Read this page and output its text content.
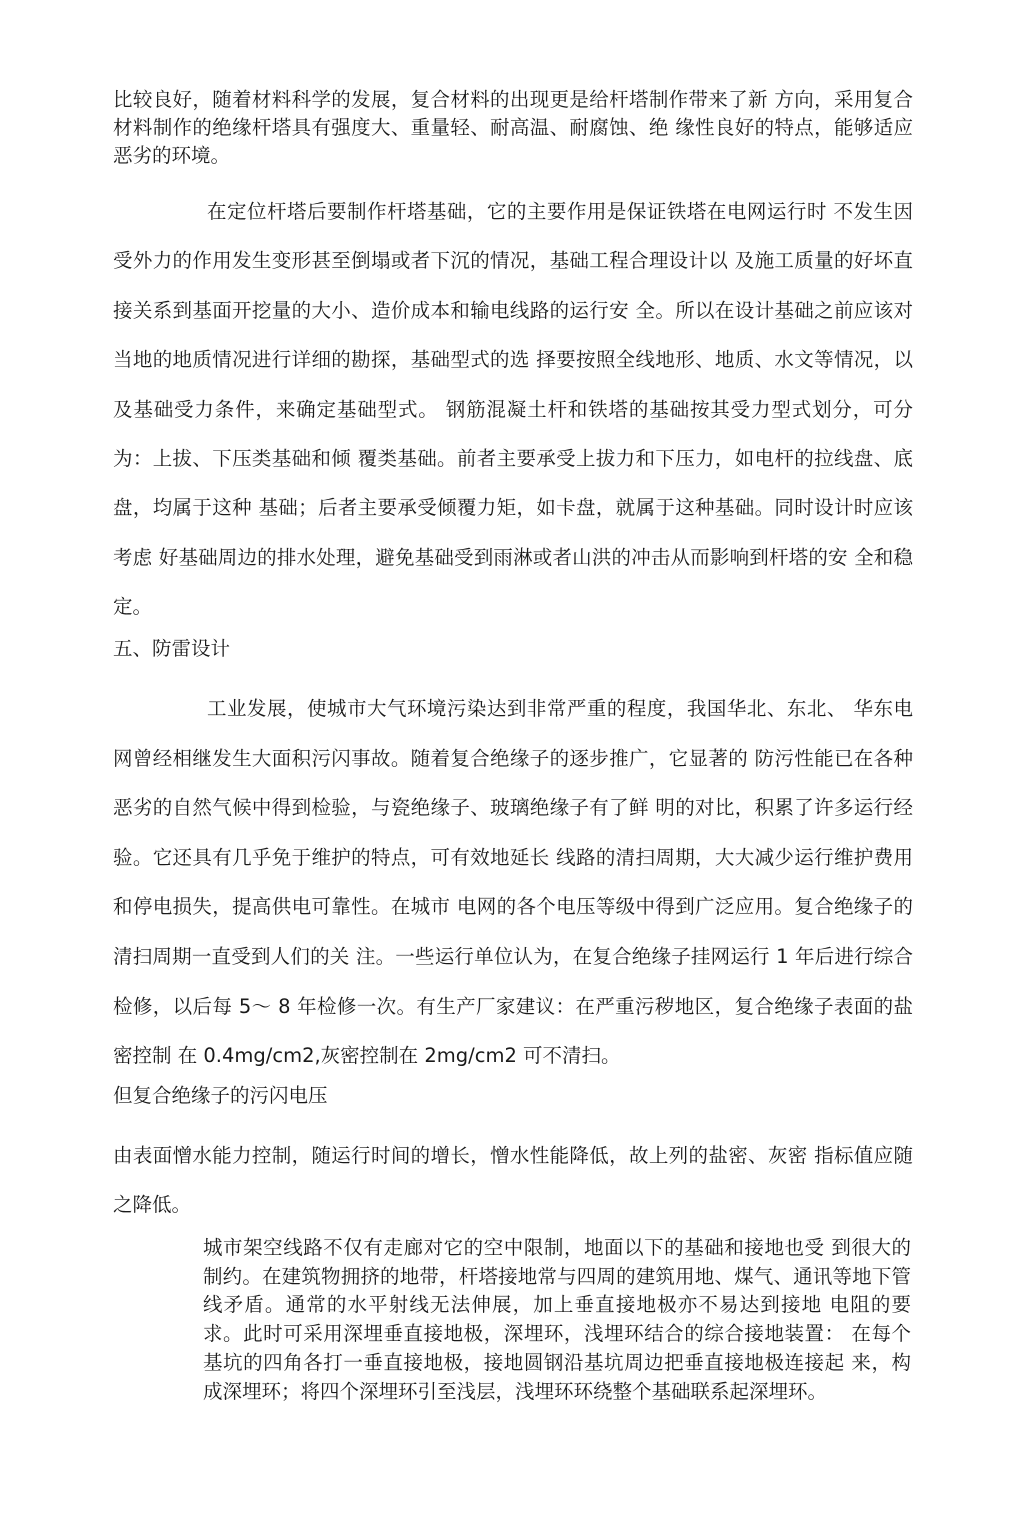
比较良好，随着材料科学的发展，复合材料的出现更是给杆塔制作带来了新 方向，采用复合材料制作的绝缘杆塔具有强度大、重量轻、耐高温、耐腐蚀、绝 缘性良好的特点，能够适应恶劣的环境。

在定位杆塔后要制作杆塔基础，它的主要作用是保证铁塔在电网运行时 不发生因受外力的作用发生变形甚至倒塌或者下沉的情况，基础工程合理设计以 及施工质量的好坏直接关系到基面开挖量的大小、造价成本和输电线路的运行安 全。所以在设计基础之前应该对当地的地质情况进行详细的勘探，基础型式的选 择要按照全线地形、地质、水文等情况，以及基础受力条件，来确定基础型式。 钢筋混凝土杆和铁塔的基础按其受力型式划分，可分为：上拔、下压类基础和倾 覆类基础。前者主要承受上拔力和下压力，如电杆的拉线盘、底盘，均属于这种 基础；后者主要承受倾覆力矩，如卡盘，就属于这种基础。同时设计时应该考虑 好基础周边的排水处理，避免基础受到雨淋或者山洪的冲击从而影响到杆塔的安 全和稳定。

五、防雷设计

工业发展，使城市大气环境污染达到非常严重的程度，我国华北、东北、 华东电网曾经相继发生大面积污闪事故。随着复合绝缘子的逐步推广，它显著的 防污性能已在各种恶劣的自然气候中得到检验，与瓷绝缘子、玻璃绝缘子有了鲜 明的对比，积累了许多运行经验。它还具有几乎免于维护的特点，可有效地延长 线路的清扫周期，大大减少运行维护费用和停电损失，提高供电可靠性。在城市 电网的各个电压等级中得到广泛应用。复合绝缘子的清扫周期一直受到人们的关 注。一些运行单位认为，在复合绝缘子挂网运行 1 年后进行综合检修，以后每 5～ 8 年检修一次。有生产厂家建议：在严重污秽地区，复合绝缘子表面的盐密控制 在 0.4mg/cm2,灰密控制在 2mg/cm2 可不清扫。

但复合绝缘子的污闪电压

由表面憎水能力控制，随运行时间的增长，憎水性能降低，故上列的盐密、灰密 指标值应随之降低。

城市架空线路不仅有走廊对它的空中限制，地面以下的基础和接地也受 到很大的制约。在建筑物拥挤的地带，杆塔接地常与四周的建筑用地、煤气、通讯等地下管线矛盾。通常的水平射线无法伸展，加上垂直接地极亦不易达到接地 电阻的要求。此时可采用深埋垂直接地极，深埋环，浅埋环结合的综合接地装置： 在每个基坑的四角各打一垂直接地极，接地圆钢沿基坑周边把垂直接地极连接起 来，构成深埋环；将四个深埋环引至浅层，浅埋环环绕整个基础联系起深埋环。
